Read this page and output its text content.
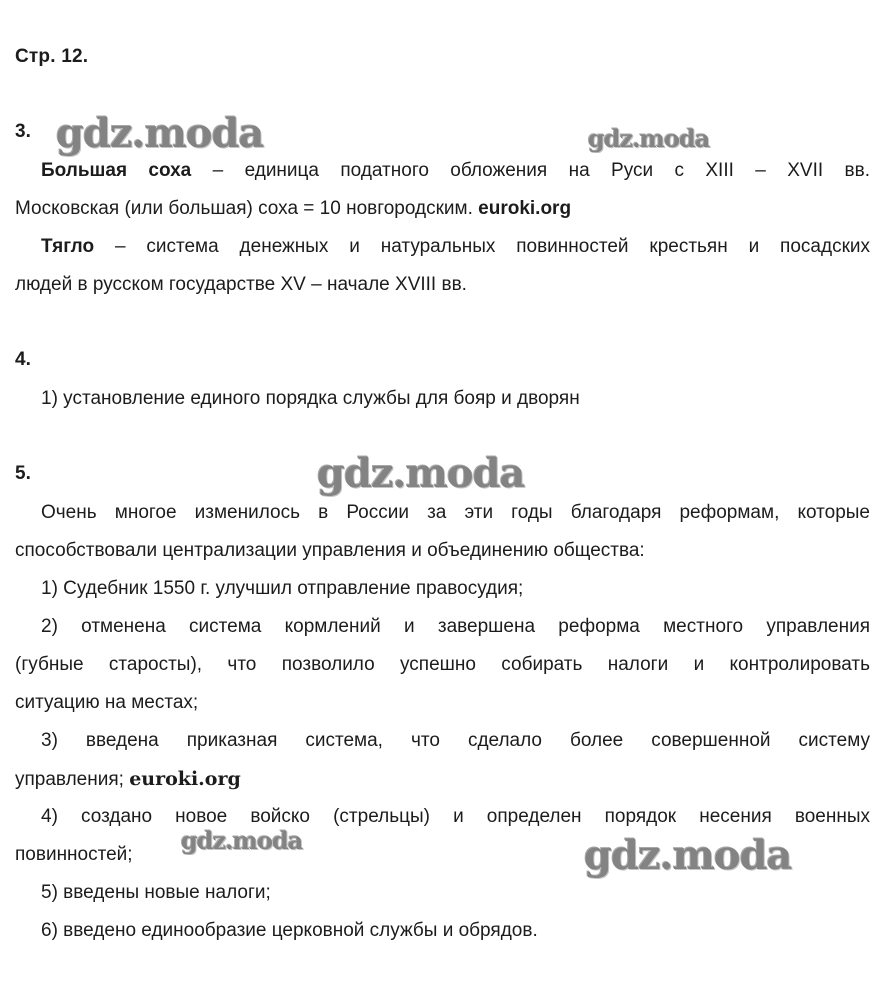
Стр. 12.
3.
Большая соха – единица податного обложения на Руси с XIII – XVII вв.
Московская (или большая) соха = 10 новгородским. euroki.org
Тягло – система денежных и натуральных повинностей крестьян и посадских
людей в русском государстве XV – начале XVIII вв.
4.
1) установление единого порядка службы для бояр и дворян
5.
Очень многое изменилось в России за эти годы благодаря реформам, которые
способствовали централизации управления и объединению общества:
1) Судебник 1550 г. улучшил отправление правосудия;
2) отменена система кормлений и завершена реформа местного управления
(губные старосты), что позволило успешно собирать налоги и контролировать
ситуацию на местах;
3) введена приказная система, что сделало более совершенной систему
управления; euroki.org
4) создано новое войско (стрельцы) и определен порядок несения военных
повинностей;
5) введены новые налоги;
6) введено единообразие церковной службы и обрядов.
gdz.moda	gdz.moda
gdz.moda
gdz.moda	gdz.moda
